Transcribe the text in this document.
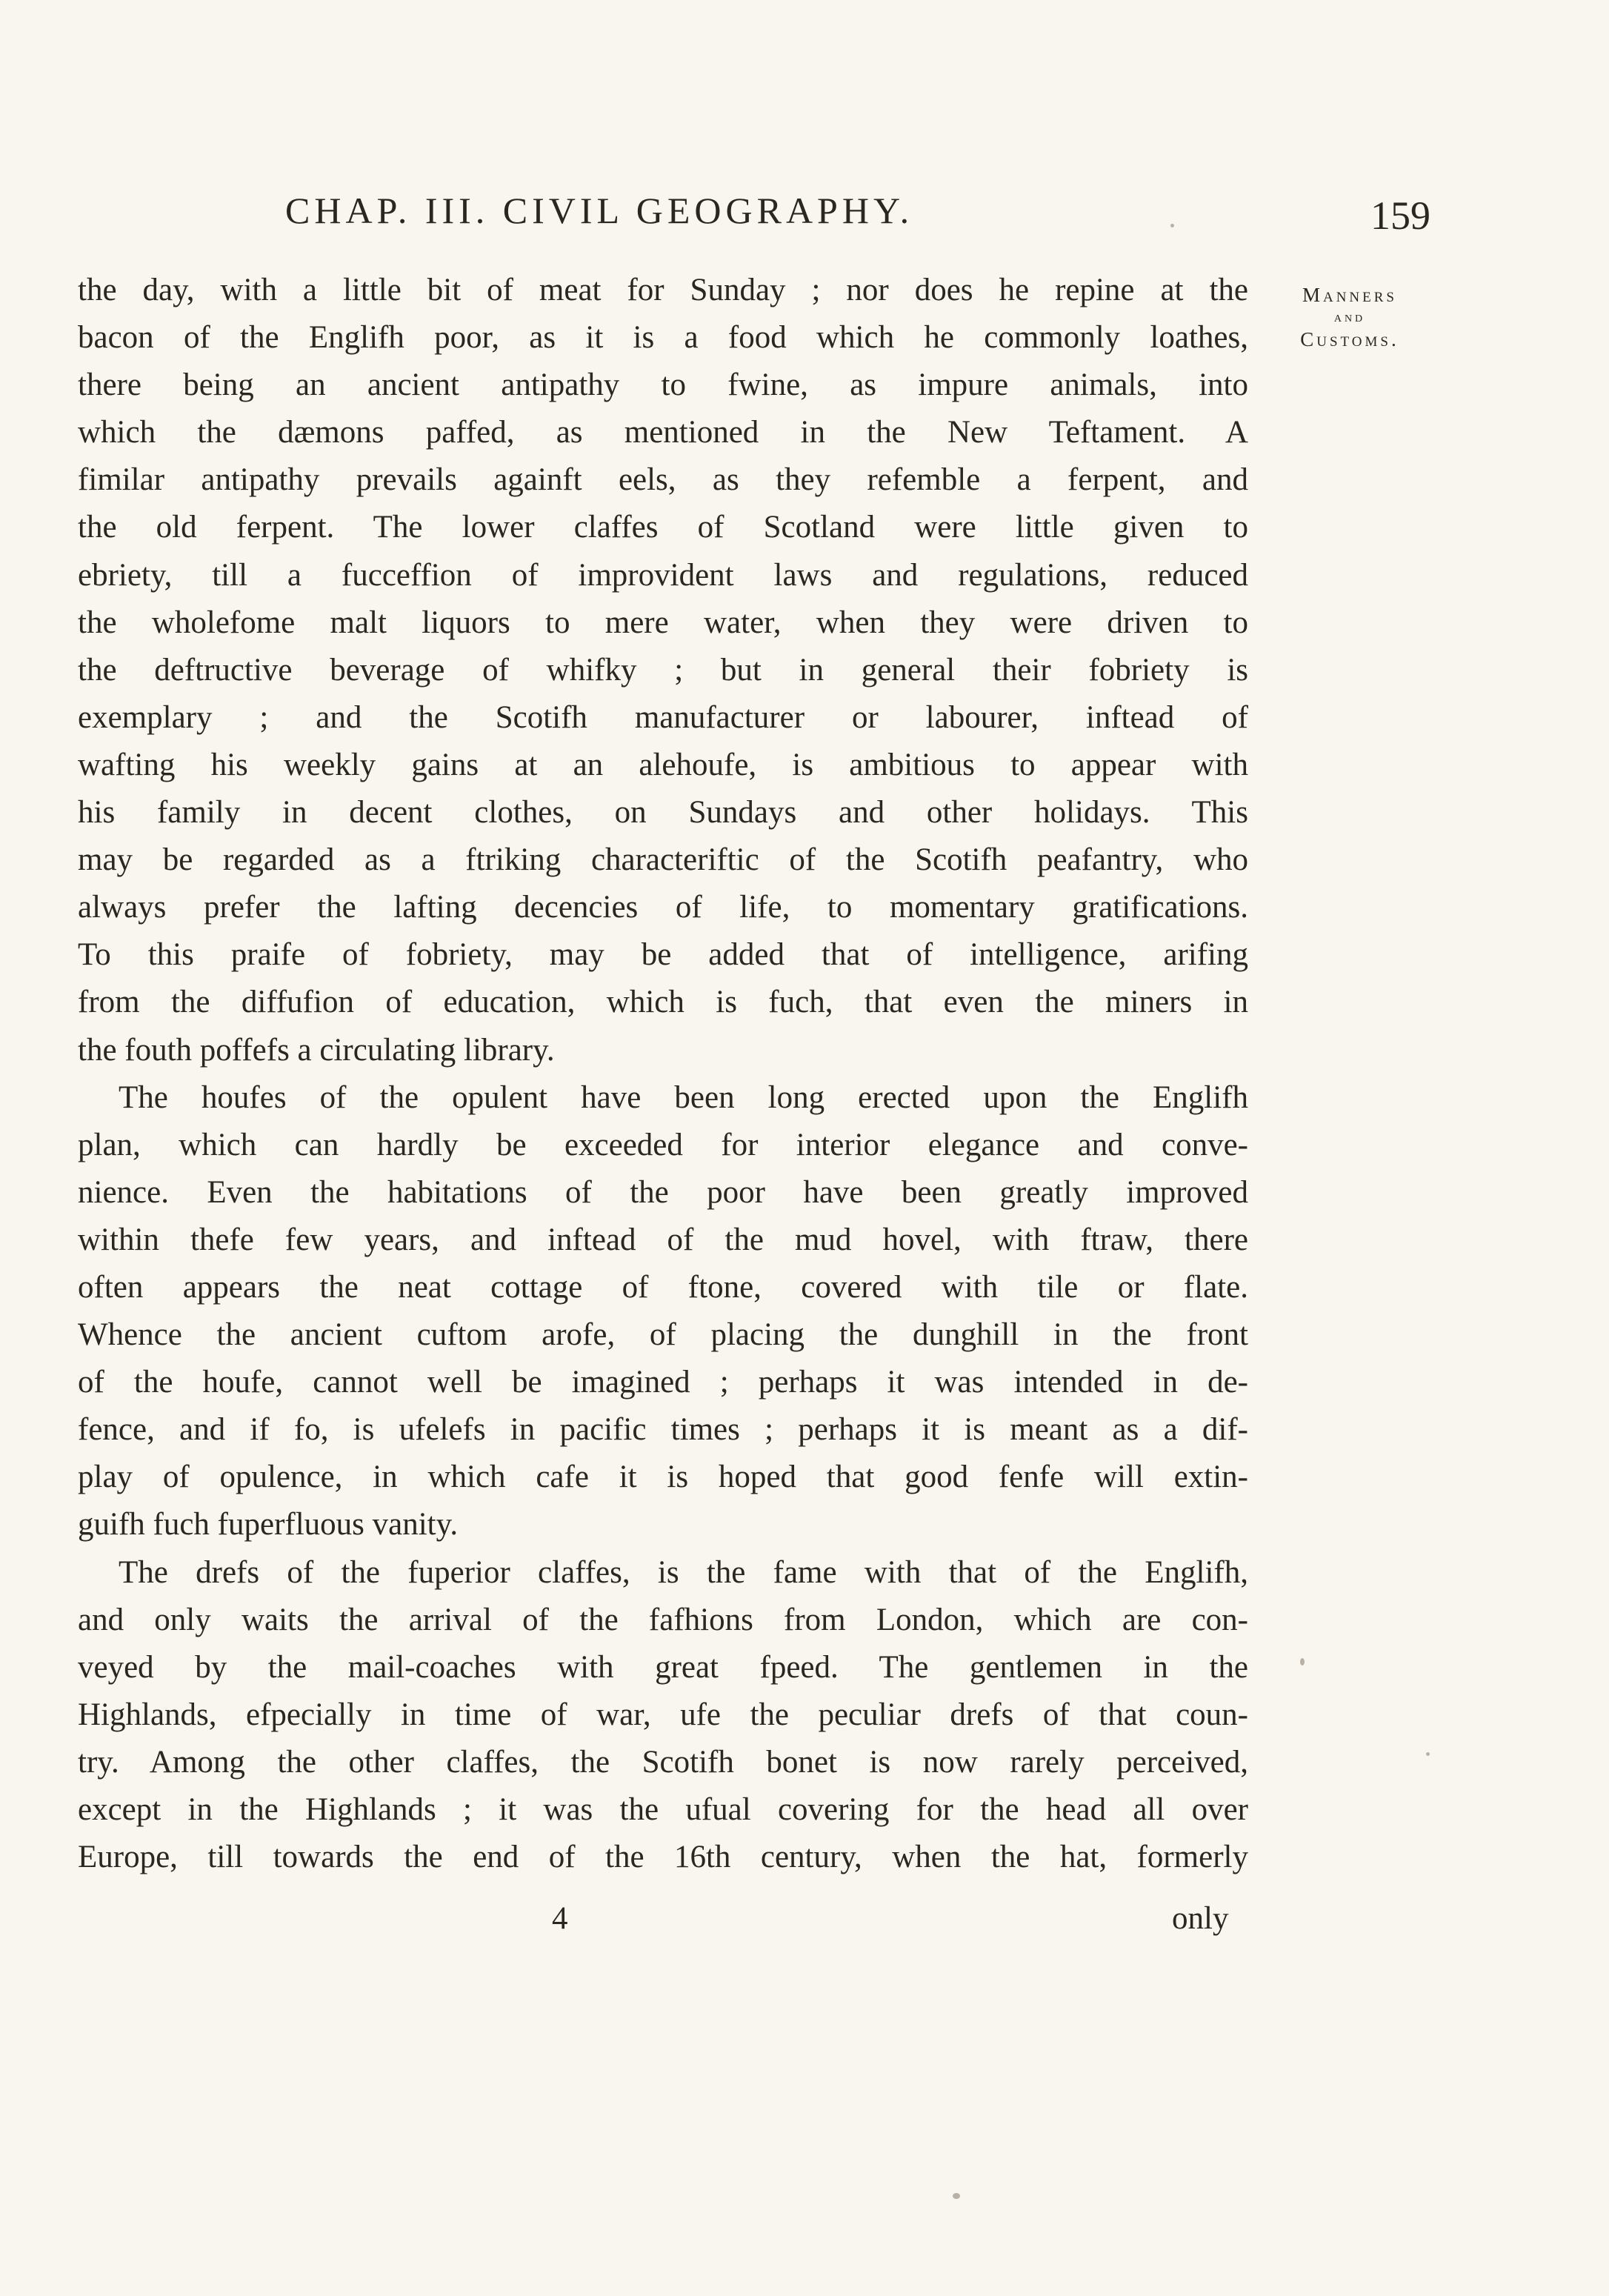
CHAP. III. CIVIL GEOGRAPHY.	159
Manners
and
Customs.
the day, with a little bit of meat for Sunday ; nor does he repine at the
bacon of the Englifh poor, as it is a food which he commonly loathes,
there being an ancient antipathy to fwine, as impure animals, into
which the dæmons paffed, as mentioned in the New Teftament. A
fimilar antipathy prevails againft eels, as they refemble a ferpent, and
the old ferpent. The lower claffes of Scotland were little given to
ebriety, till a fucceffion of improvident laws and regulations, reduced
the wholefome malt liquors to mere water, when they were driven to
the deftructive beverage of whifky ; but in general their fobriety is
exemplary ; and the Scotifh manufacturer or labourer, inftead of
wafting his weekly gains at an alehoufe, is ambitious to appear with
his family in decent clothes, on Sundays and other holidays. This
may be regarded as a ftriking characteriftic of the Scotifh peafantry, who
always prefer the lafting decencies of life, to momentary gratifications.
To this praife of fobriety, may be added that of intelligence, arifing
from the diffufion of education, which is fuch, that even the miners in
the fouth poffefs a circulating library.
The houfes of the opulent have been long erected upon the Englifh
plan, which can hardly be exceeded for interior elegance and conve-
nience. Even the habitations of the poor have been greatly improved
within thefe few years, and inftead of the mud hovel, with ftraw, there
often appears the neat cottage of ftone, covered with tile or flate.
Whence the ancient cuftom arofe, of placing the dunghill in the front
of the houfe, cannot well be imagined ; perhaps it was intended in de-
fence, and if fo, is ufelefs in pacific times ; perhaps it is meant as a dif-
play of opulence, in which cafe it is hoped that good fenfe will extin-
guifh fuch fuperfluous vanity.
The drefs of the fuperior claffes, is the fame with that of the Englifh,
and only waits the arrival of the fafhions from London, which are con-
veyed by the mail-coaches with great fpeed. The gentlemen in the
Highlands, efpecially in time of war, ufe the peculiar drefs of that coun-
try. Among the other claffes, the Scotifh bonet is now rarely perceived,
except in the Highlands ; it was the ufual covering for the head all over
Europe, till towards the end of the 16th century, when the hat, formerly
4	only
